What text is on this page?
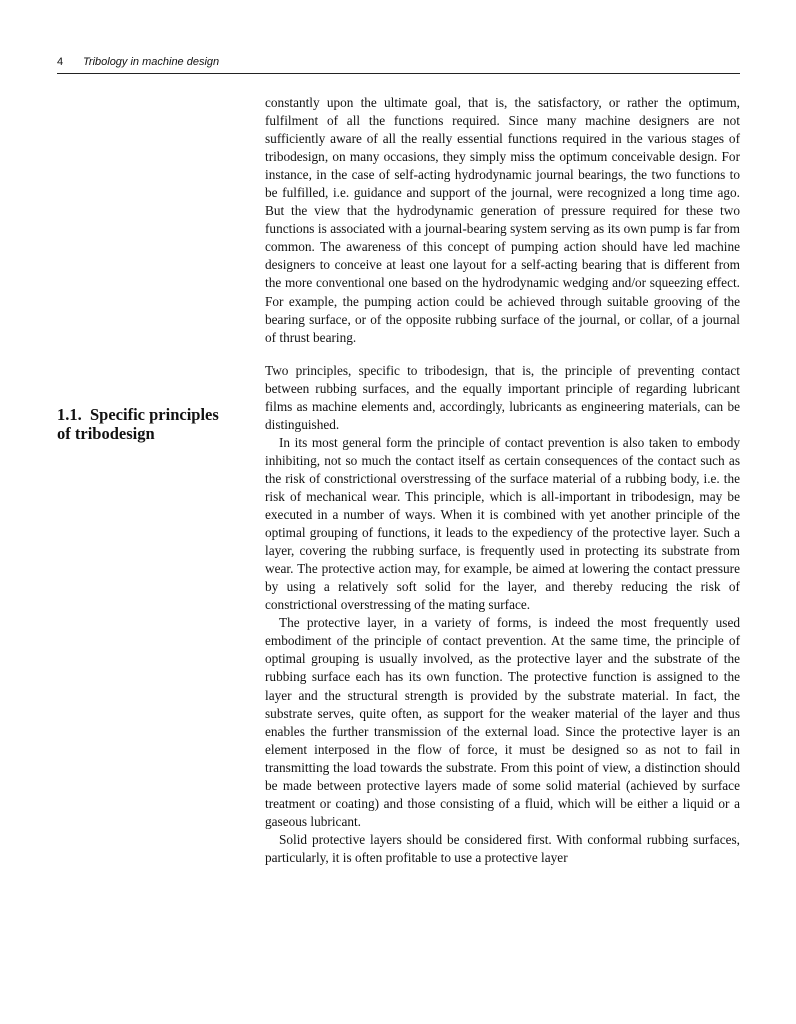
4 Tribology in machine design
1.1. Specific principles
of tribodesign

constantly upon the ultimate goal, that is, the satisfactory, or rather the optimum, fulfilment of all the functions required. Since many machine designers are not sufficiently aware of all the really essential functions required in the various stages of tribodesign, on many occasions, they simply miss the optimum conceivable design. For instance, in the case of self-acting hydrodynamic journal bearings, the two functions to be fulfilled, i.e. guidance and support of the journal, were recognized a long time ago. But the view that the hydrodynamic generation of pressure required for these two functions is associated with a journal-bearing system serving as its own pump is far from common. The awareness of this concept of pumping action should have led machine designers to conceive at least one layout for a self-acting bearing that is different from the more conventional one based on the hydrodynamic wedging and/or squeezing effect. For example, the pumping action could be achieved through suitable grooving of the bearing surface, or of the opposite rubbing surface of the journal, or collar, of a journal of thrust bearing.

Two principles, specific to tribodesign, that is, the principle of preventing contact between rubbing surfaces, and the equally important principle of regarding lubricant films as machine elements and, accordingly, lubricants as engineering materials, can be distinguished.

In its most general form the principle of contact prevention is also taken to embody inhibiting, not so much the contact itself as certain consequences of the contact such as the risk of constrictional overstressing of the surface material of a rubbing body, i.e. the risk of mechanical wear. This principle, which is all-important in tribodesign, may be executed in a number of ways. When it is combined with yet another principle of the optimal grouping of functions, it leads to the expediency of the protective layer. Such a layer, covering the rubbing surface, is frequently used in protecting its substrate from wear. The protective action may, for example, be aimed at lowering the contact pressure by using a relatively soft solid for the layer, and thereby reducing the risk of constrictional overstressing of the mating surface.

The protective layer, in a variety of forms, is indeed the most frequently used embodiment of the principle of contact prevention. At the same time, the principle of optimal grouping is usually involved, as the protective layer and the substrate of the rubbing surface each has its own function. The protective function is assigned to the layer and the structural strength is provided by the substrate material. In fact, the substrate serves, quite often, as support for the weaker material of the layer and thus enables the further transmission of the external load. Since the protective layer is an element interposed in the flow of force, it must be designed so as not to fail in transmitting the load towards the substrate. From this point of view, a distinction should be made between protective layers made of some solid material (achieved by surface treatment or coating) and those consisting of a fluid, which will be either a liquid or a gaseous lubricant.

Solid protective layers should be considered first. With conformal rubbing surfaces, particularly, it is often profitable to use a protective layer
